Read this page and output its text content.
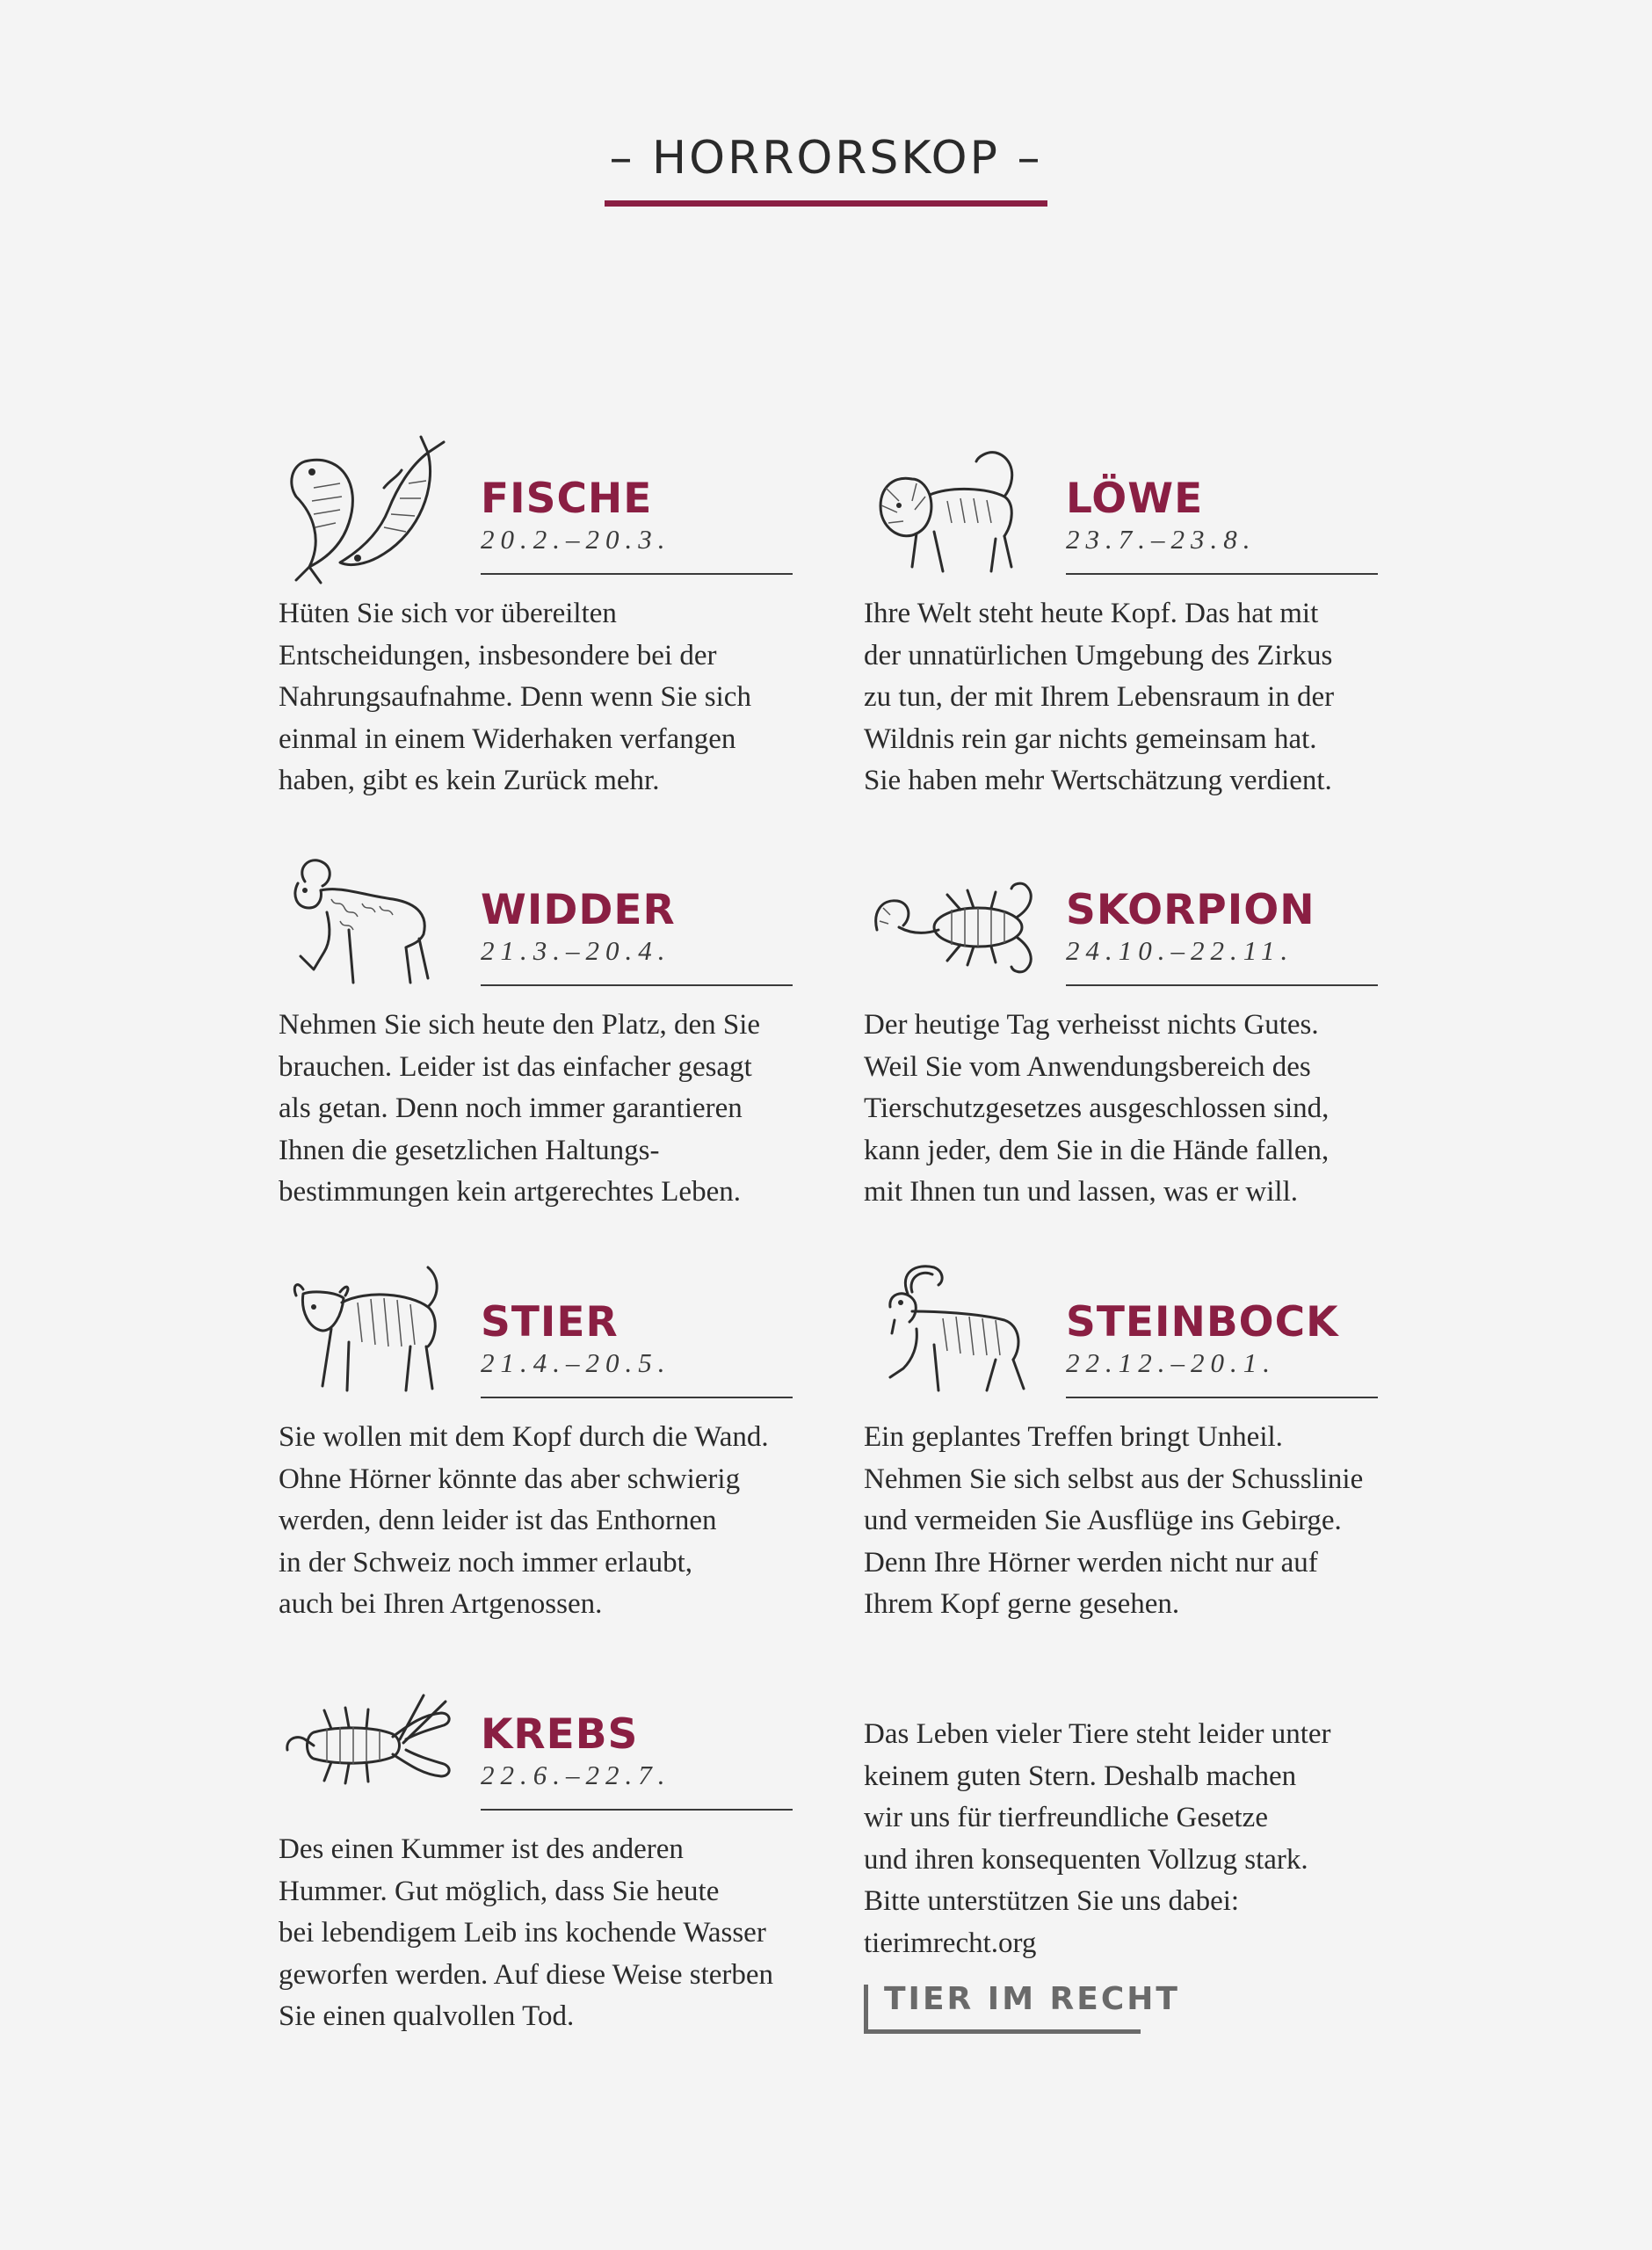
– HORRORSKOP –
FISCHE
20.2.–20.3.

Hüten Sie sich vor übereilten
Entscheidungen, insbesondere bei der
Nahrungsaufnahme. Denn wenn Sie sich
einmal in einem Widerhaken verfangen
haben, gibt es kein Zurück mehr.

LÖWE
23.7.–23.8.

Ihre Welt steht heute Kopf. Das hat mit
der unnatürlichen Umgebung des Zirkus
zu tun, der mit Ihrem Lebensraum in der
Wildnis rein gar nichts gemeinsam hat.
Sie haben mehr Wertschätzung verdient.

WIDDER
21.3.–20.4.

Nehmen Sie sich heute den Platz, den Sie
brauchen. Leider ist das einfacher gesagt
als getan. Denn noch immer garantieren
Ihnen die gesetzlichen Haltungs-
bestimmungen kein artgerechtes Leben.

SKORPION
24.10.–22.11.

Der heutige Tag verheisst nichts Gutes.
Weil Sie vom Anwendungsbereich des
Tierschutzgesetzes ausgeschlossen sind,
kann jeder, dem Sie in die Hände fallen,
mit Ihnen tun und lassen, was er will.

STIER
21.4.–20.5.

Sie wollen mit dem Kopf durch die Wand.
Ohne Hörner könnte das aber schwierig
werden, denn leider ist das Enthornen
in der Schweiz noch immer erlaubt,
auch bei Ihren Artgenossen.

STEINBOCK
22.12.–20.1.

Ein geplantes Treffen bringt Unheil.
Nehmen Sie sich selbst aus der Schusslinie
und vermeiden Sie Ausflüge ins Gebirge.
Denn Ihre Hörner werden nicht nur auf
Ihrem Kopf gerne gesehen.

KREBS
22.6.–22.7.

Des einen Kummer ist des anderen
Hummer. Gut möglich, dass Sie heute
bei lebendigem Leib ins kochende Wasser
geworfen werden. Auf diese Weise sterben
Sie einen qualvollen Tod.

Das Leben vieler Tiere steht leider unter
keinem guten Stern. Deshalb machen
wir uns für tierfreundliche Gesetze
und ihren konsequenten Vollzug stark.
Bitte unterstützen Sie uns dabei:
tierimrecht.org

TIER IM RECHT
